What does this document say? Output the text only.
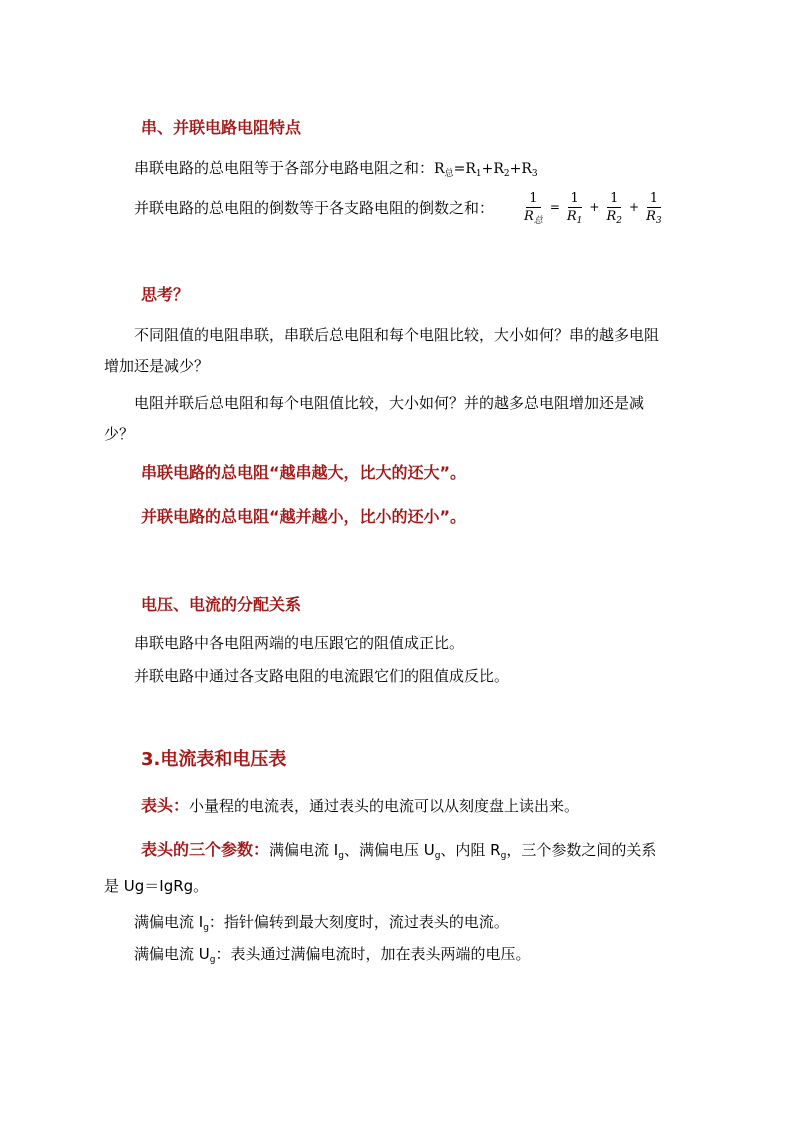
串、并联电路电阻特点
串联电路的总电阻等于各部分电路电阻之和：$R_总=R_1+R_2+R_3$
并联电路的总电阻的倒数等于各支路电阻的倒数之和： $\frac{1}{R_总} = \frac{1}{R_1} + \frac{1}{R_2} + \frac{1}{R_3}$
思考？
不同阻值的电阻串联，串联后总电阻和每个电阻比较，大小如何？串的越多电阻
增加还是减少？
电阻并联后总电阻和每个电阻值比较，大小如何？并的越多总电阻增加还是减
少？
串联电路的总电阻“越串越大，比大的还大”。
并联电路的总电阻“越并越小，比小的还小”。
电压、电流的分配关系
串联电路中各电阻两端的电压跟它的阻值成正比。
并联电路中通过各支路电阻的电流跟它们的阻值成反比。
3.电流表和电压表
表头：小量程的电流表，通过表头的电流可以从刻度盘上读出来。
表头的三个参数：满偏电流 $I_g$、满偏电压 $U_g$、内阻 $R_g$，三个参数之间的关系
是 Ug＝IgRg。
满偏电流 $I_g$：指针偏转到最大刻度时，流过表头的电流。
满偏电流 $U_g$：表头通过满偏电流时，加在表头两端的电压。
